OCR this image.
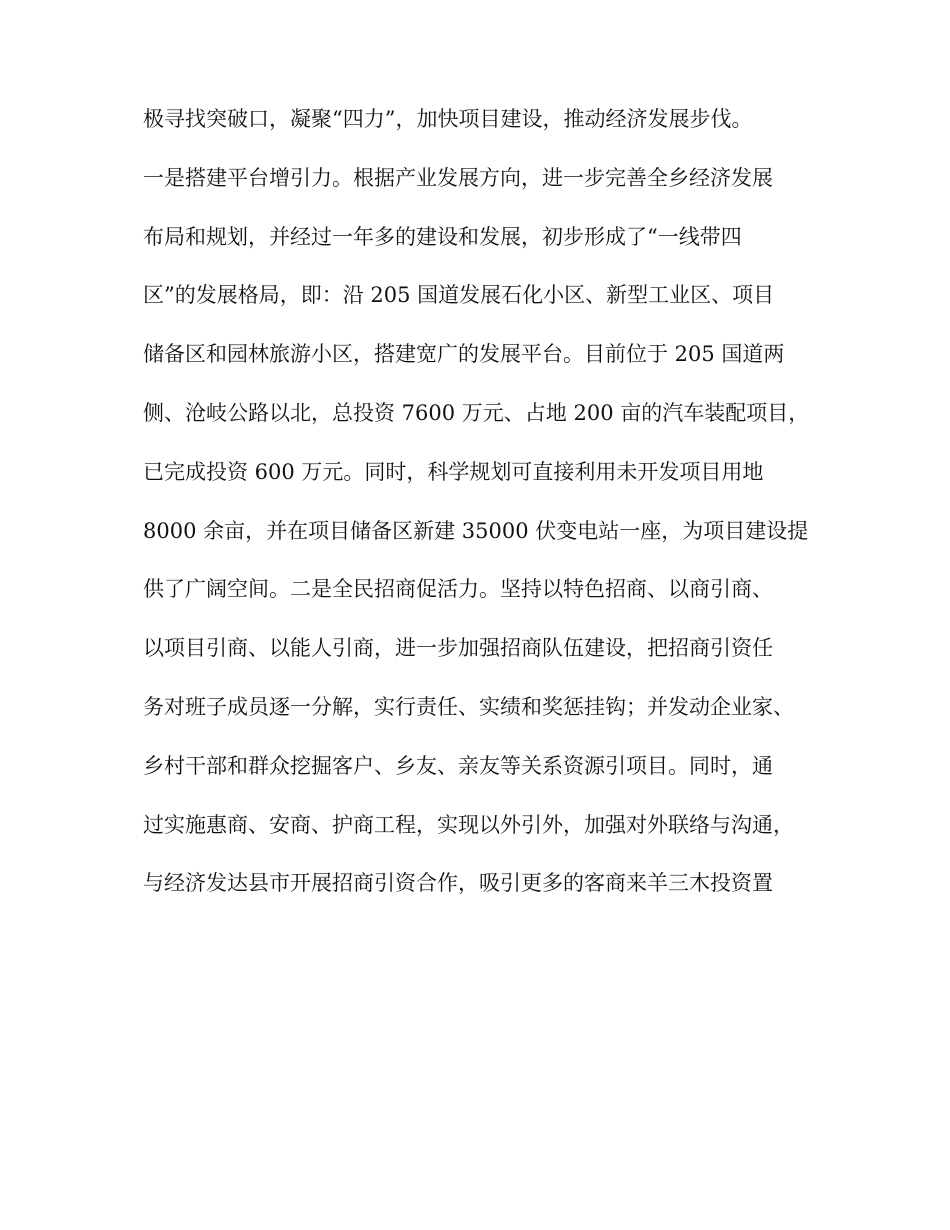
极寻找突破口，凝聚“四力”，加快项目建设，推动经济发展步伐。
一是搭建平台增引力。根据产业发展方向，进一步完善全乡经济发展
布局和规划，并经过一年多的建设和发展，初步形成了“一线带四
区”的发展格局，即：沿 205 国道发展石化小区、新型工业区、项目
储备区和园林旅游小区，搭建宽广的发展平台。目前位于 205 国道两
侧、沧岐公路以北，总投资 7600 万元、占地 200 亩的汽车装配项目，
已完成投资 600 万元。同时，科学规划可直接利用未开发项目用地
8000 余亩，并在项目储备区新建 35000 伏变电站一座，为项目建设提
供了广阔空间。二是全民招商促活力。坚持以特色招商、以商引商、
以项目引商、以能人引商，进一步加强招商队伍建设，把招商引资任
务对班子成员逐一分解，实行责任、实绩和奖惩挂钩；并发动企业家、
乡村干部和群众挖掘客户、乡友、亲友等关系资源引项目。同时，通
过实施惠商、安商、护商工程，实现以外引外，加强对外联络与沟通，
与经济发达县市开展招商引资合作，吸引更多的客商来羊三木投资置
